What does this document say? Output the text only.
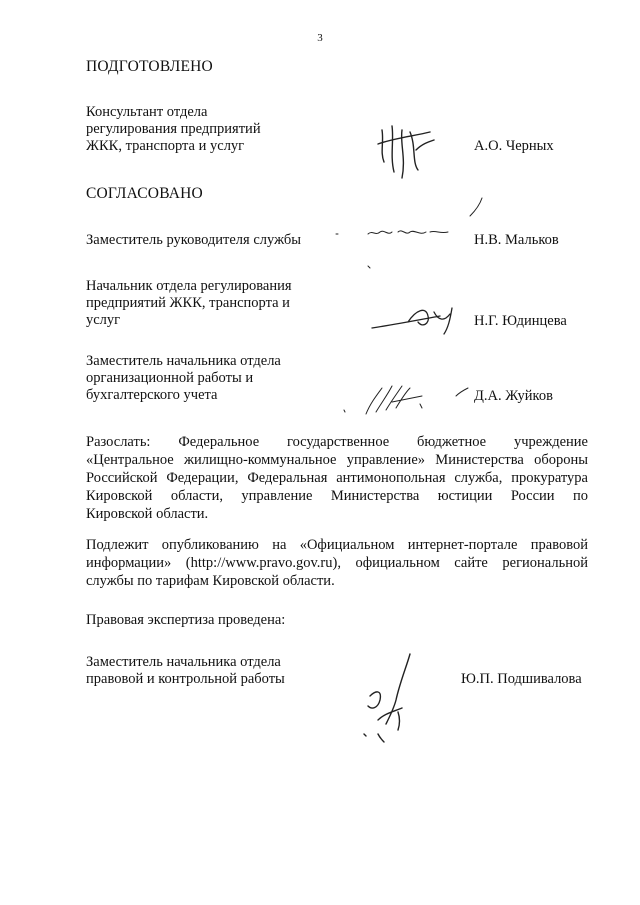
3
ПОДГОТОВЛЕНО
Консультант отдела
регулирования предприятий
ЖКК, транспорта и услуг	А.О. Черных
СОГЛАСОВАНО
Заместитель руководителя службы	Н.В. Мальков
Начальник отдела регулирования
предприятий ЖКК, транспорта и
услуг	Н.Г. Юдинцева
Заместитель начальника отдела
организационной работы и
бухгалтерского учета	Д.А. Жуйков
Разослать: Федеральное государственное бюджетное учреждение
«Центральное жилищно-коммунальное управление» Министерства обороны
Российской Федерации, Федеральная антимонопольная служба, прокуратура
Кировской области, управление Министерства юстиции России по
Кировской области.
Подлежит опубликованию на «Официальном интернет-портале правовой
информации» (http://www.pravo.gov.ru), официальном сайте региональной
службы по тарифам Кировской области.
Правовая экспертиза проведена:
Заместитель начальника отдела
правовой и контрольной работы	Ю.П. Подшивалова
